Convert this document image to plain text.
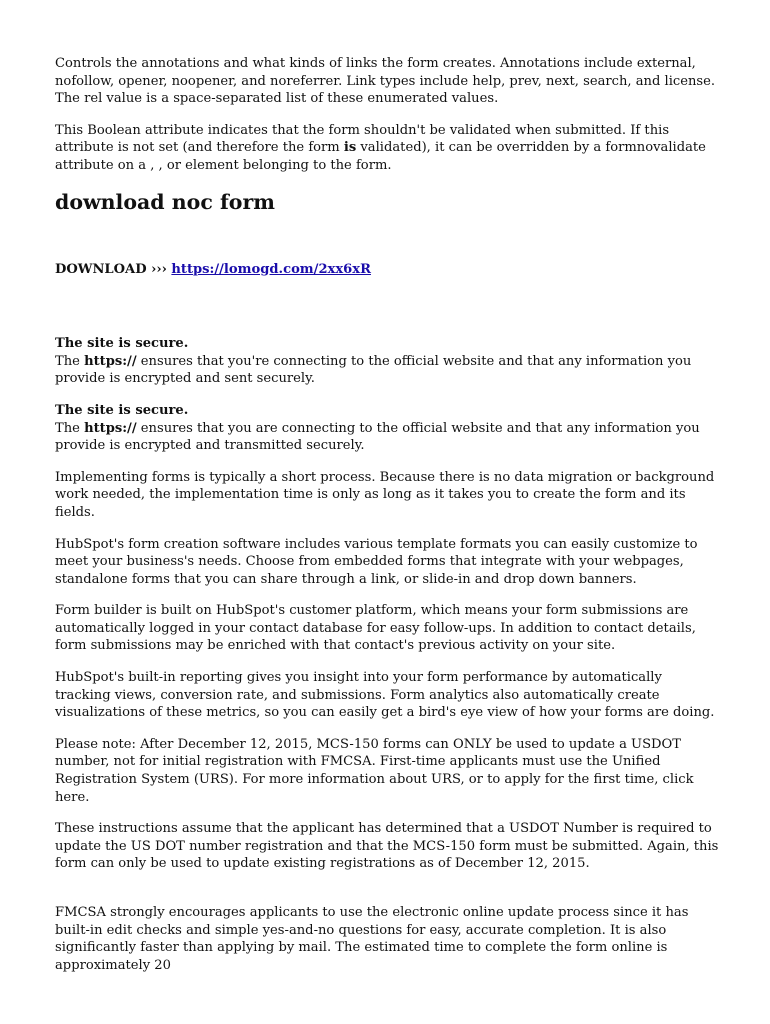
Controls the annotations and what kinds of links the form creates. Annotations include external, nofollow, opener, noopener, and noreferrer. Link types include help, prev, next, search, and license. The rel value is a space-separated list of these enumerated values.

This Boolean attribute indicates that the form shouldn't be validated when submitted. If this attribute is not set (and therefore the form is validated), it can be overridden by a formnovalidate attribute on a , , or element belonging to the form.

download noc form
DOWNLOAD ››› https://lomogd.com/2xx6xR
The site is secure.
The https:// ensures that you're connecting to the official website and that any information you provide is encrypted and sent securely.
The site is secure.
The https:// ensures that you are connecting to the official website and that any information you provide is encrypted and transmitted securely.

Implementing forms is typically a short process. Because there is no data migration or background work needed, the implementation time is only as long as it takes you to create the form and its fields.

HubSpot's form creation software includes various template formats you can easily customize to meet your business's needs. Choose from embedded forms that integrate with your webpages, standalone forms that you can share through a link, or slide-in and drop down banners.

Form builder is built on HubSpot's customer platform, which means your form submissions are automatically logged in your contact database for easy follow-ups. In addition to contact details, form submissions may be enriched with that contact's previous activity on your site.

HubSpot's built-in reporting gives you insight into your form performance by automatically tracking views, conversion rate, and submissions. Form analytics also automatically create visualizations of these metrics, so you can easily get a bird's eye view of how your forms are doing.

Please note: After December 12, 2015, MCS-150 forms can ONLY be used to update a USDOT number, not for initial registration with FMCSA. First-time applicants must use the Unified Registration System (URS). For more information about URS, or to apply for the first time, click here.

These instructions assume that the applicant has determined that a USDOT Number is required to update the US DOT number registration and that the MCS-150 form must be submitted. Again, this form can only be used to update existing registrations as of December 12, 2015.

FMCSA strongly encourages applicants to use the electronic online update process since it has built-in edit checks and simple yes-and-no questions for easy, accurate completion. It is also significantly faster than applying by mail. The estimated time to complete the form online is approximately 20
